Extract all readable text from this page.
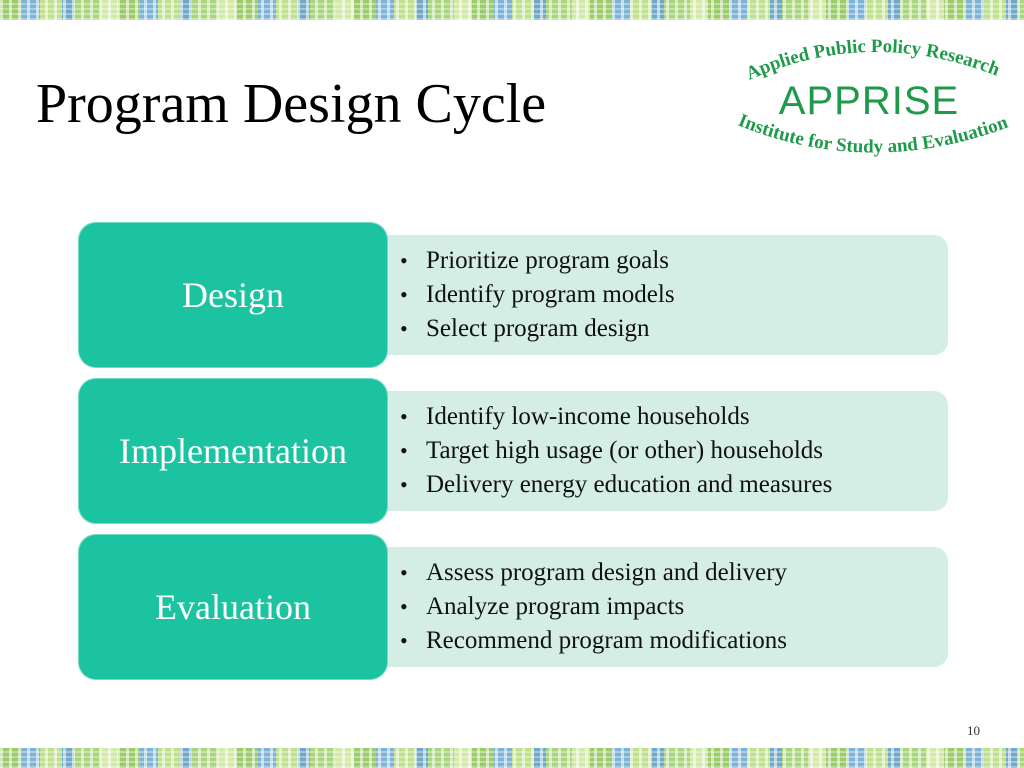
Program Design Cycle
Applied Public Policy Research
APPRISE
Institute for Study and Evaluation
Design
• Prioritize program goals
• Identify program models
• Select program design
Implementation
• Identify low-income households
• Target high usage (or other) households
• Delivery energy education and measures
Evaluation
• Assess program design and delivery
• Analyze program impacts
• Recommend program modifications
10
